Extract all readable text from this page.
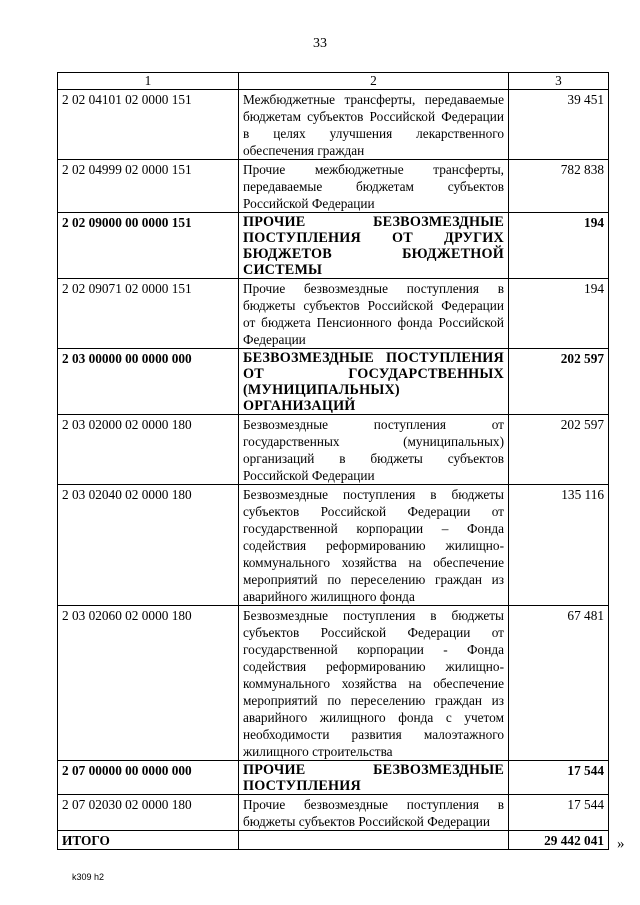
33
1	2	3
2 02 04101 02 0000 151	Межбюджетные трансферты, передаваемые бюджетам субъектов Российской Федерации в целях улучшения лекарственного обеспечения граждан	39 451
2 02 04999 02 0000 151	Прочие межбюджетные трансферты, передаваемые бюджетам субъектов Российской Федерации	782 838
2 02 09000 00 0000 151	ПРОЧИЕ БЕЗВОЗМЕЗДНЫЕ ПОСТУПЛЕНИЯ ОТ ДРУГИХ БЮДЖЕТОВ БЮДЖЕТНОЙ СИСТЕМЫ	194
2 02 09071 02 0000 151	Прочие безвозмездные поступления в бюджеты субъектов Российской Федерации от бюджета Пенсионного фонда Российской Федерации	194
2 03 00000 00 0000 000	БЕЗВОЗМЕЗДНЫЕ ПОСТУПЛЕНИЯ ОТ ГОСУДАРСТВЕННЫХ (МУНИЦИПАЛЬНЫХ) ОРГАНИЗАЦИЙ	202 597
2 03 02000 02 0000 180	Безвозмездные поступления от государственных (муниципальных) организаций в бюджеты субъектов Российской Федерации	202 597
2 03 02040 02 0000 180	Безвозмездные поступления в бюджеты субъектов Российской Федерации от государственной корпорации – Фонда содействия реформированию жилищно-коммунального хозяйства на обеспечение мероприятий по переселению граждан из аварийного жилищного фонда	135 116
2 03 02060 02 0000 180	Безвозмездные поступления в бюджеты субъектов Российской Федерации от государственной корпорации - Фонда содействия реформированию жилищно-коммунального хозяйства на обеспечение мероприятий по переселению граждан из аварийного жилищного фонда с учетом необходимости развития малоэтажного жилищного строительства	67 481
2 07 00000 00 0000 000	ПРОЧИЕ БЕЗВОЗМЕЗДНЫЕ ПОСТУПЛЕНИЯ	17 544
2 07 02030 02 0000 180	Прочие безвозмездные поступления в бюджеты субъектов Российской Федерации	17 544
ИТОГО		29 442 041 »
k309 h2
